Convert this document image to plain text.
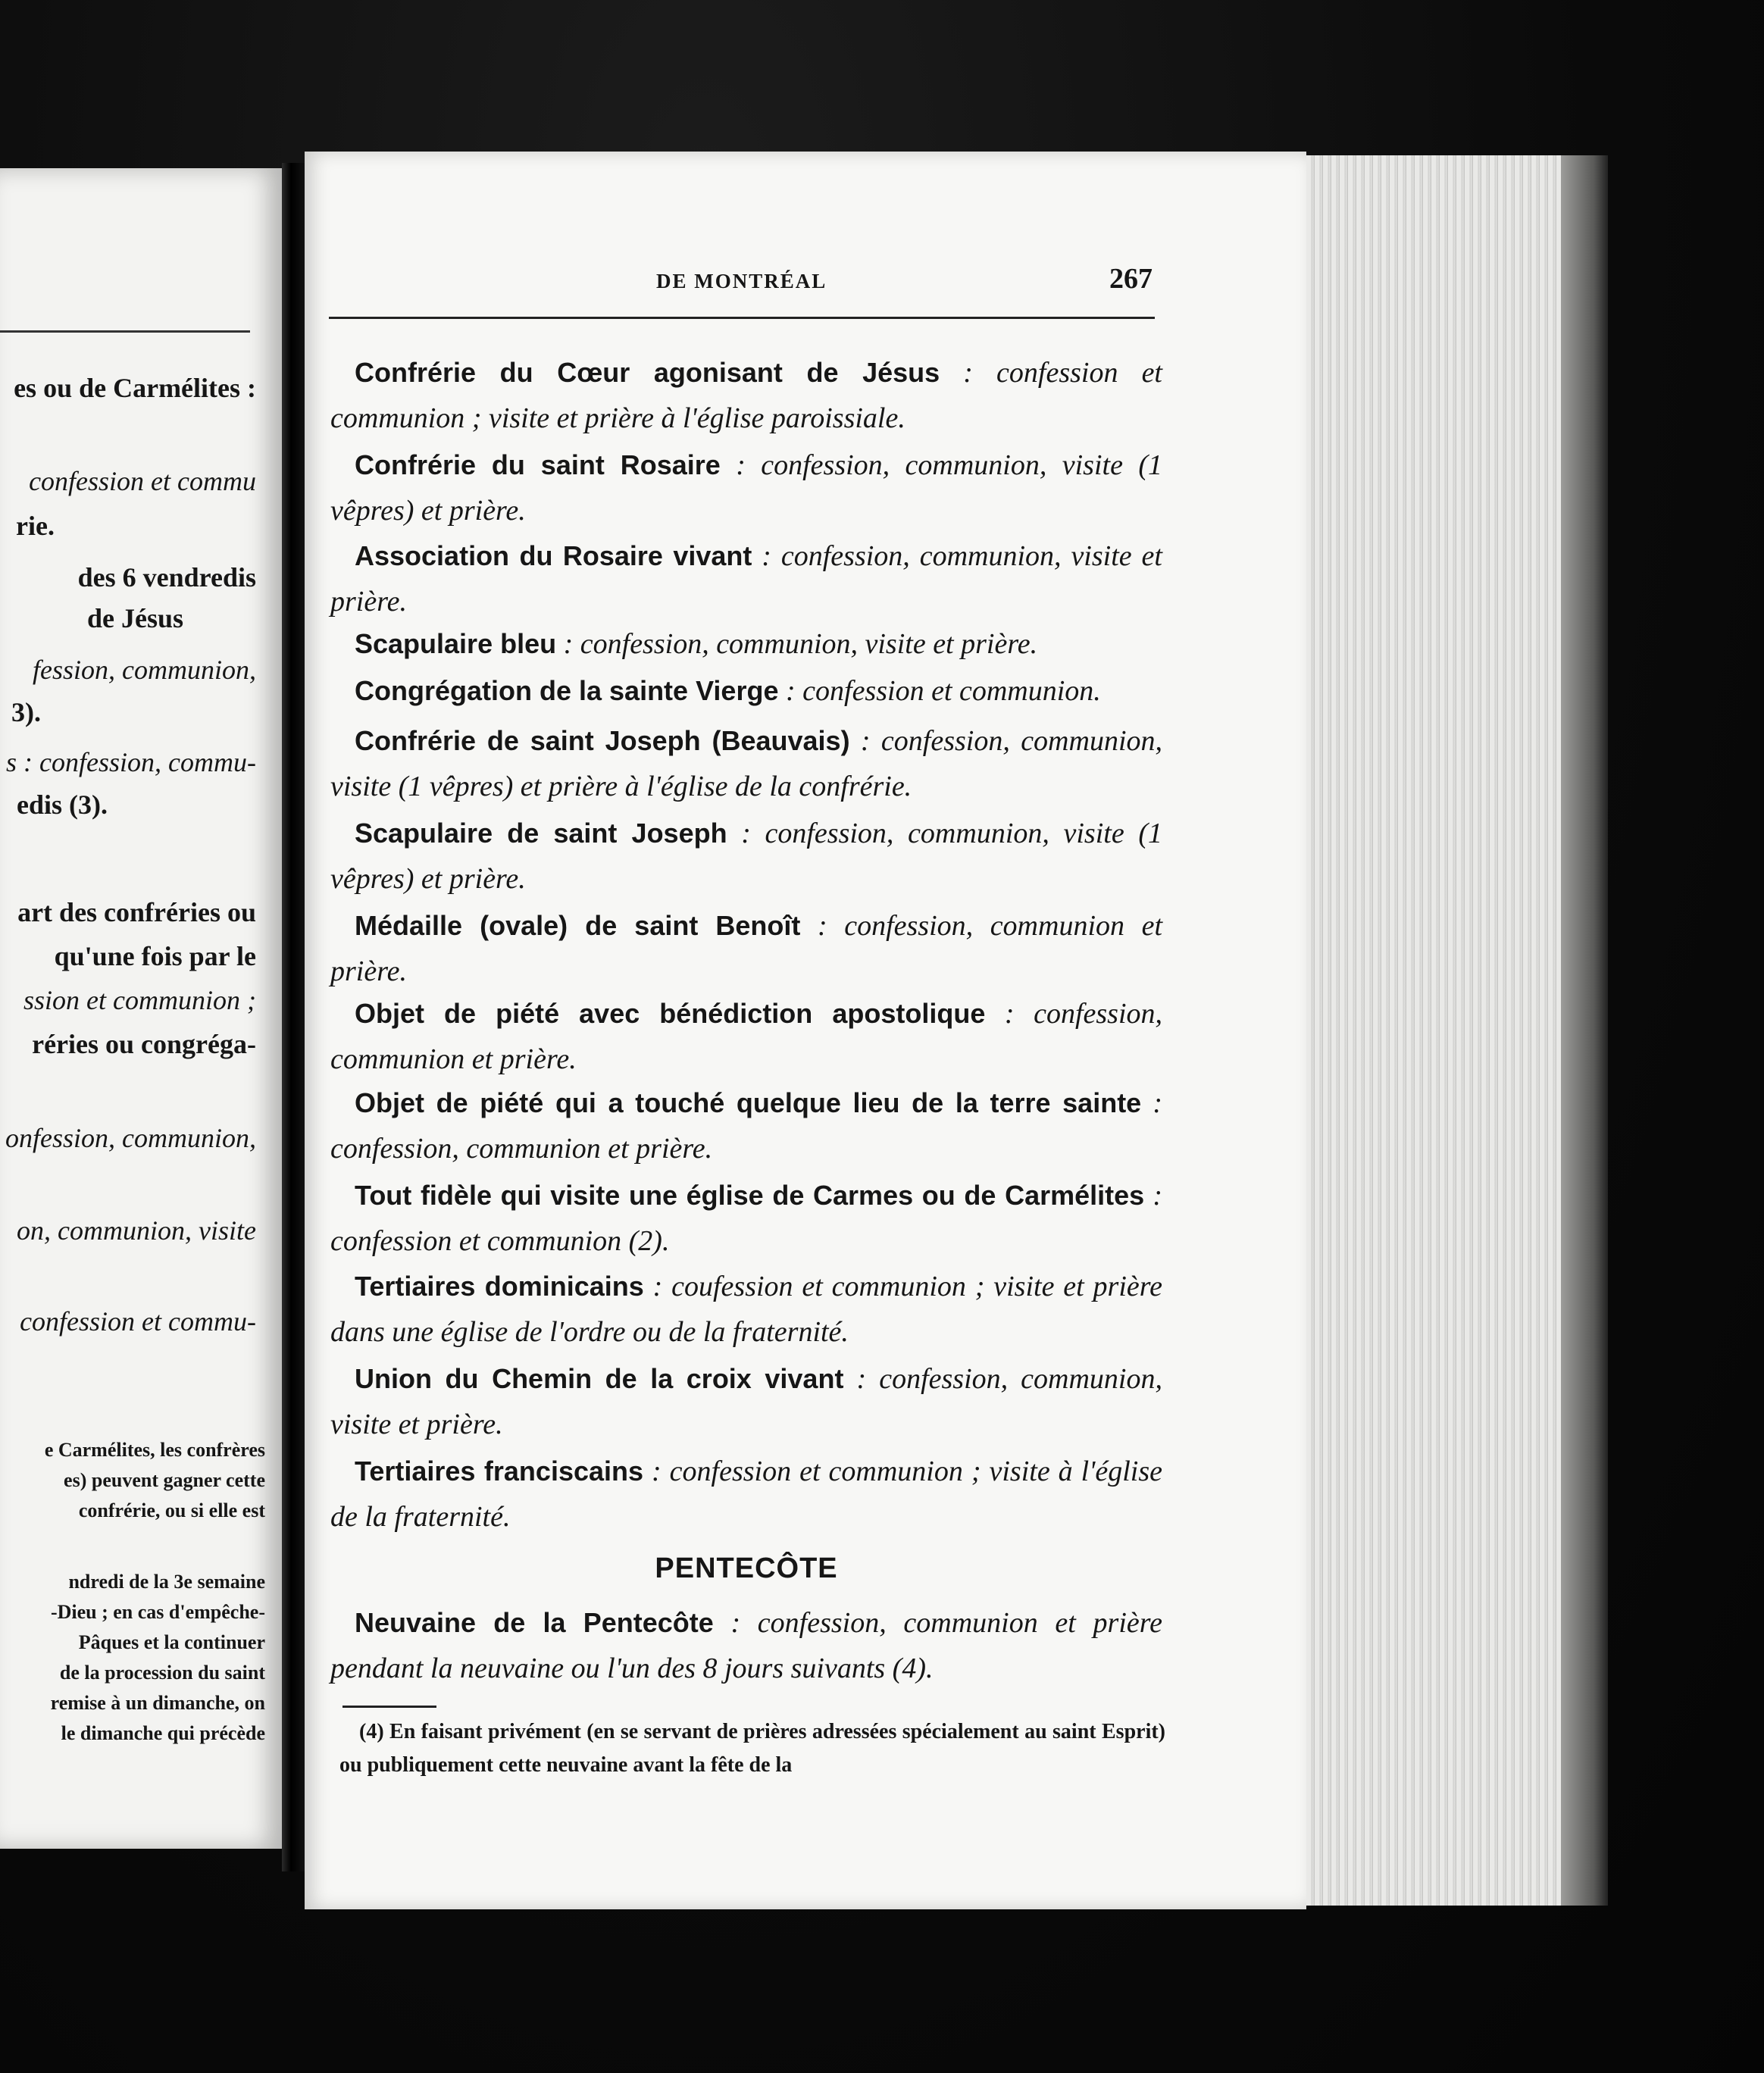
es ou de Carmélites :
confession et commu
rie.
des 6 vendredis
de Jésus
fession, communion,
3).
s : confession, commu-
edis (3).
art des confréries ou
qu'une fois par le
ssion et communion ;
réries ou congréga-
onfession, communion,
on, communion, visite
confession et commu-
e Carmélites, les confrères
es) peuvent gagner cette
confrérie, ou si elle est
ndredi de la 3e semaine
-Dieu ; en cas d'empêche-
Pâques et la continuer
de la procession du saint
remise à un dimanche, on
le dimanche qui précède
DE MONTRÉAL	267

Confrérie du Cœur agonisant de Jésus : confession et communion ; visite et prière à l'église paroissiale.

Confrérie du saint Rosaire : confession, communion, visite (1 vêpres) et prière.

Association du Rosaire vivant : confession, communion, visite et prière.

Scapulaire bleu : confession, communion, visite et prière.

Congrégation de la sainte Vierge : confession et communion.

Confrérie de saint Joseph (Beauvais) : confession, communion, visite (1 vêpres) et prière à l'église de la confrérie.

Scapulaire de saint Joseph : confession, communion, visite (1 vêpres) et prière.

Médaille (ovale) de saint Benoît : confession, communion et prière.

Objet de piété avec bénédiction apostolique : confession, communion et prière.

Objet de piété qui a touché quelque lieu de la terre sainte : confession, communion et prière.

Tout fidèle qui visite une église de Carmes ou de Carmélites : confession et communion (2).

Tertiaires dominicains : coufession et communion ; visite et prière dans une église de l'ordre ou de la fraternité.

Union du Chemin de la croix vivant : confession, communion, visite et prière.

Tertiaires franciscains : confession et communion ; visite à l'église de la fraternité.

PENTECÔTE

Neuvaine de la Pentecôte : confession, communion et prière pendant la neuvaine ou l'un des 8 jours suivants (4).

(4) En faisant privément (en se servant de prières adressées spécialement au saint Esprit) ou publiquement cette neuvaine avant la fête de la
